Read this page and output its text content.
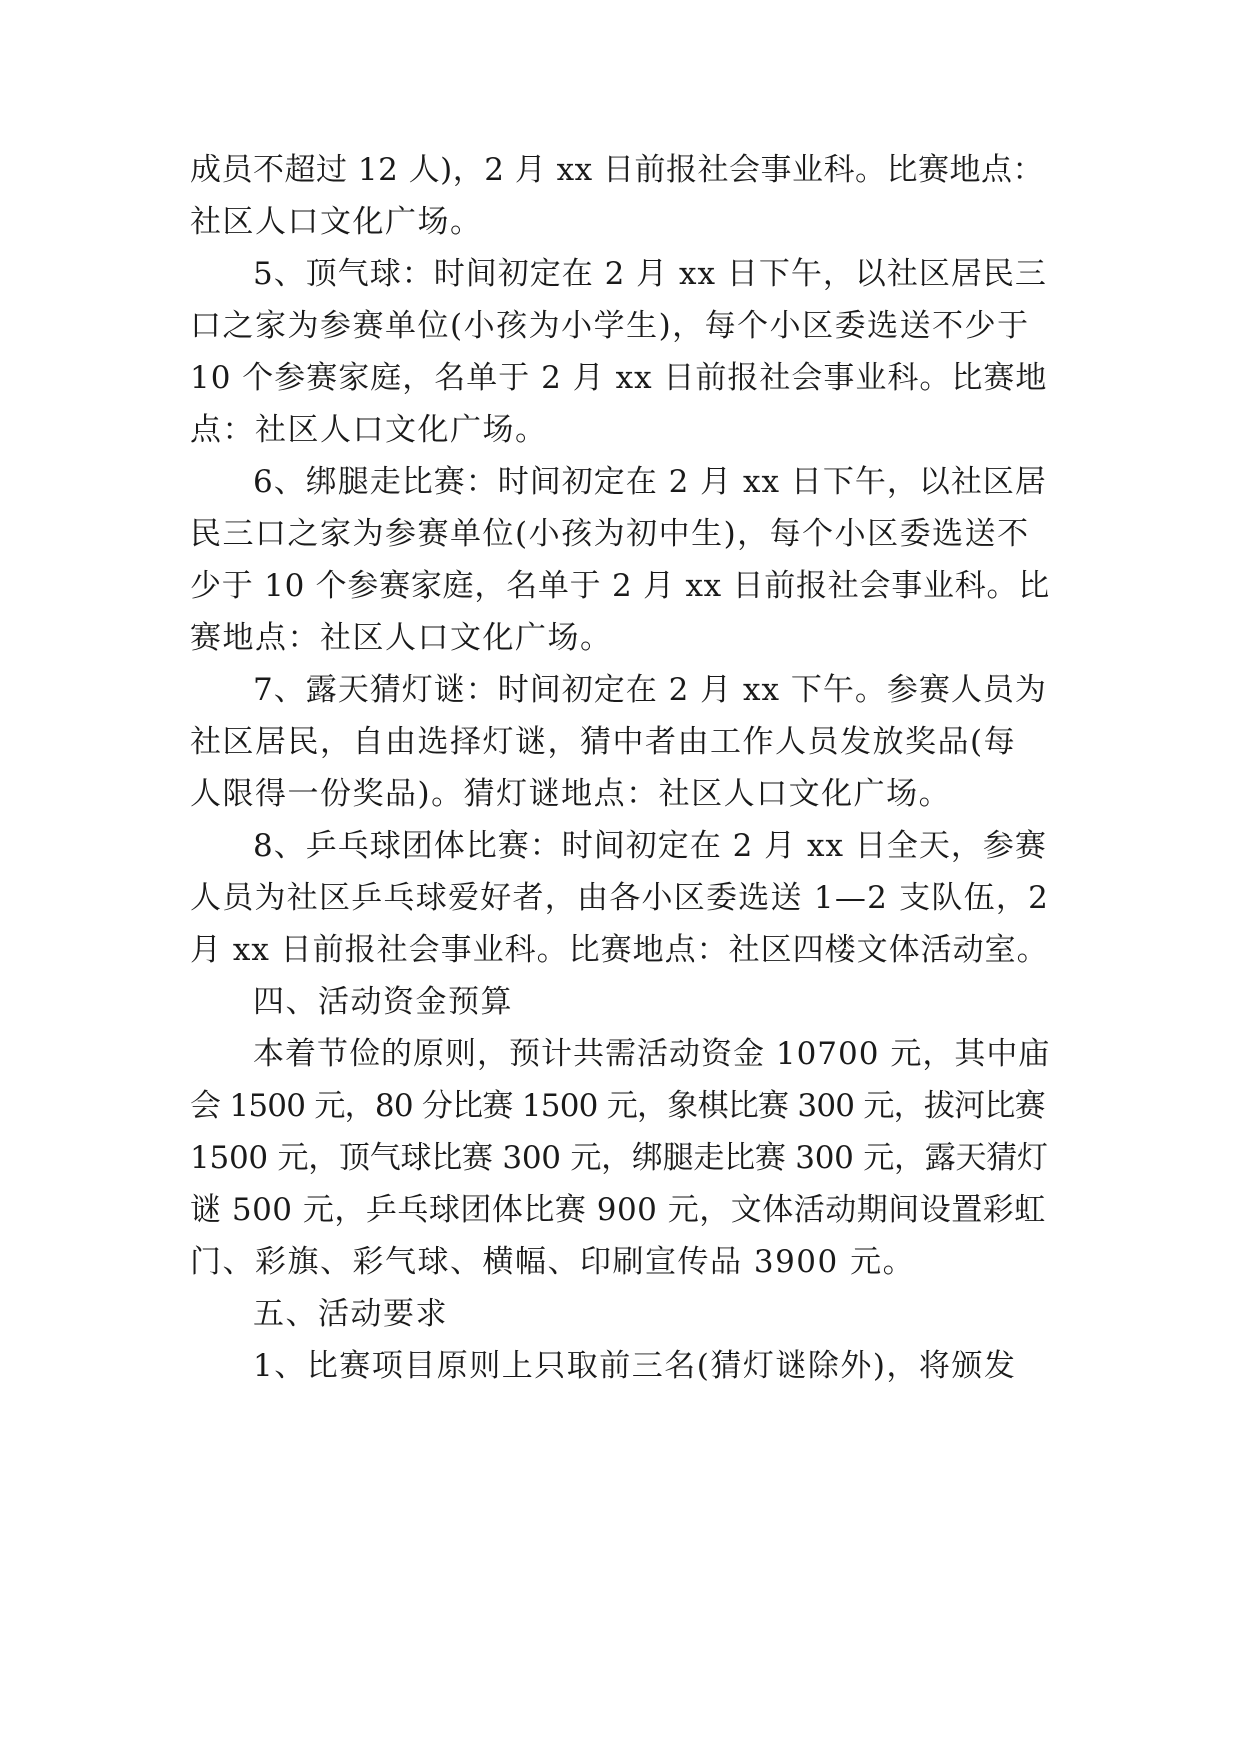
成员不超过 12 人)，2 月 xx 日前报社会事业科。比赛地点：
社区人口文化广场。
5、顶气球：时间初定在 2 月 xx 日下午，以社区居民三
口之家为参赛单位(小孩为小学生)，每个小区委选送不少于
10 个参赛家庭，名单于 2 月 xx 日前报社会事业科。比赛地
点：社区人口文化广场。
6、绑腿走比赛：时间初定在 2 月 xx 日下午，以社区居
民三口之家为参赛单位(小孩为初中生)，每个小区委选送不
少于 10 个参赛家庭，名单于 2 月 xx 日前报社会事业科。比
赛地点：社区人口文化广场。
7、露天猜灯谜：时间初定在 2 月 xx 下午。参赛人员为
社区居民，自由选择灯谜，猜中者由工作人员发放奖品(每
人限得一份奖品)。猜灯谜地点：社区人口文化广场。
8、乒乓球团体比赛：时间初定在 2 月 xx 日全天，参赛
人员为社区乒乓球爱好者，由各小区委选送 1—2 支队伍，2
月 xx 日前报社会事业科。比赛地点：社区四楼文体活动室。
四、活动资金预算
本着节俭的原则，预计共需活动资金 10700 元，其中庙
会 1500 元，80 分比赛 1500 元，象棋比赛 300 元，拔河比赛
1500 元，顶气球比赛 300 元，绑腿走比赛 300 元，露天猜灯
谜 500 元，乒乓球团体比赛 900 元，文体活动期间设置彩虹
门、彩旗、彩气球、横幅、印刷宣传品 3900 元。
五、活动要求
1、比赛项目原则上只取前三名(猜灯谜除外)，将颁发
